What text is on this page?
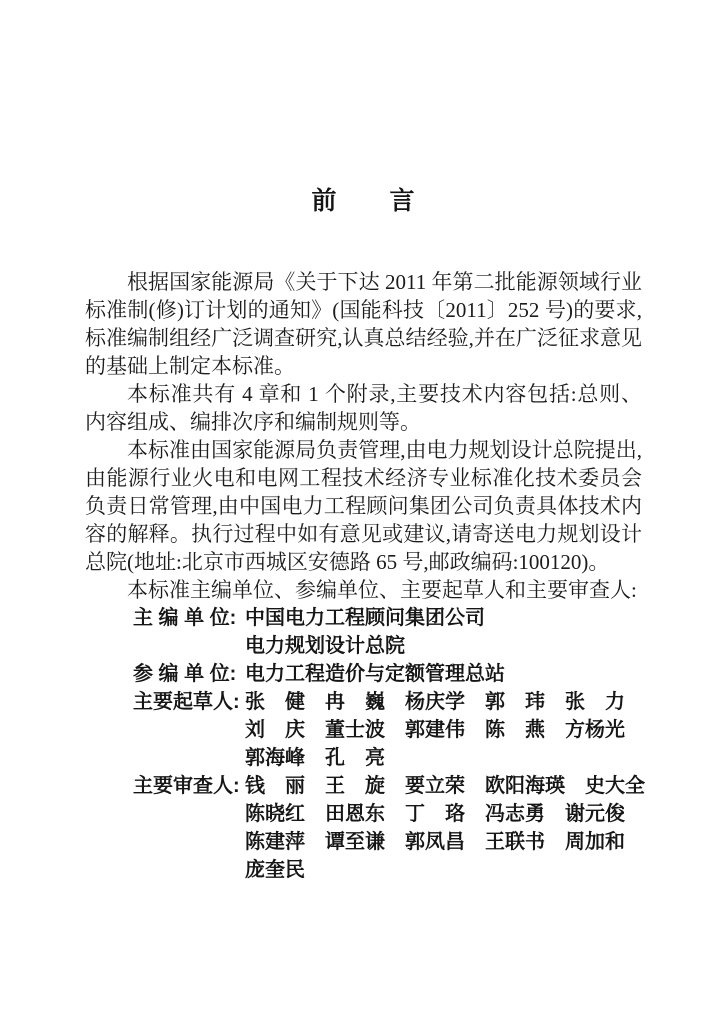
前　　言

根据国家能源局《关于下达 2011 年第二批能源领域行业标准制(修)订计划的通知》(国能科技〔2011〕252 号)的要求,标准编制组经广泛调查研究,认真总结经验,并在广泛征求意见的基础上制定本标准。

本标准共有 4 章和 1 个附录,主要技术内容包括:总则、内容组成、编排次序和编制规则等。

本标准由国家能源局负责管理,由电力规划设计总院提出,由能源行业火电和电网工程技术经济专业标准化技术委员会负责日常管理,由中国电力工程顾问集团公司负责具体技术内容的解释。执行过程中如有意见或建议,请寄送电力规划设计总院(地址:北京市西城区安德路 65 号,邮政编码:100120)。

本标准主编单位、参编单位、主要起草人和主要审查人:

主 编 单 位: 中国电力工程顾问集团公司
电力规划设计总院
参 编 单 位: 电力工程造价与定额管理总站
主要起草人: 张　健　冉　巍　杨庆学　郭　玮　张　力
刘　庆　董士波　郭建伟　陈　燕　方杨光
郭海峰　孔　亮
主要审查人: 钱　丽　王　旋　要立荣　欧阳海瑛　史大全
陈晓红　田恩东　丁　珞　冯志勇　谢元俊
陈建萍　谭至谦　郭凤昌　王联书　周加和
庞奎民
